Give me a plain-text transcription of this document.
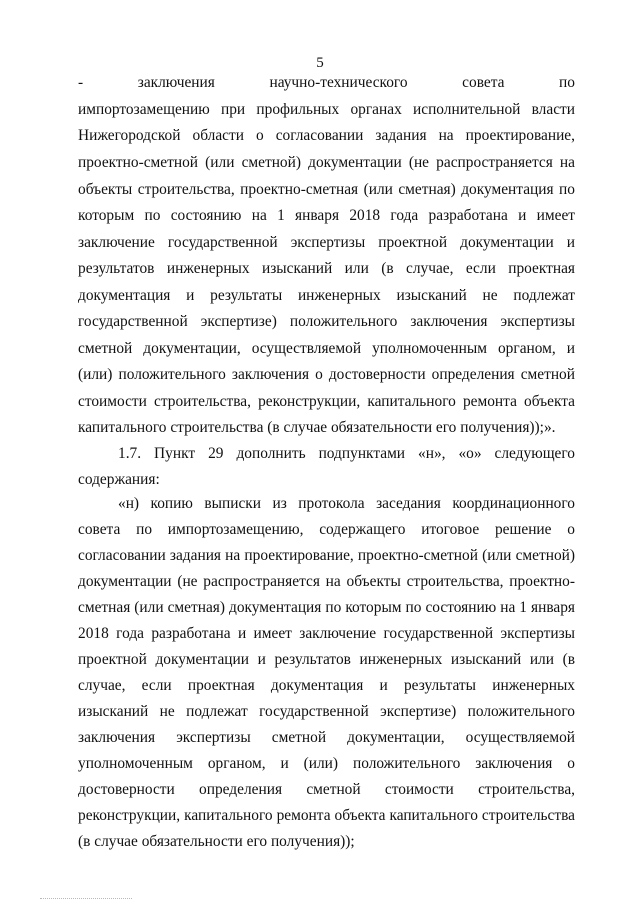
5
- заключения научно-технического совета по
импортозамещению при профильных органах исполнительной власти
Нижегородской области о согласовании задания на проектирование,
проектно-сметной (или сметной) документации (не распространяется на
объекты строительства, проектно-сметная (или сметная) документация по
которым по состоянию на 1 января 2018 года разработана и имеет
заключение государственной экспертизы проектной документации и
результатов инженерных изысканий или (в случае, если проектная
документация и результаты инженерных изысканий не подлежат
государственной экспертизе) положительного заключения экспертизы
сметной документации, осуществляемой уполномоченным органом, и
(или) положительного заключения о достоверности определения сметной
стоимости строительства, реконструкции, капитального ремонта объекта
капитального строительства (в случае обязательности его получения));».
1.7. Пункт 29 дополнить подпунктами «н», «о» следующего
содержания:
«н) копию выписки из протокола заседания координационного
совета по импортозамещению, содержащего итоговое решение о
согласовании задания на проектирование, проектно-сметной (или сметной)
документации (не распространяется на объекты строительства, проектно-
сметная (или сметная) документация по которым по состоянию на 1 января
2018 года разработана и имеет заключение государственной экспертизы
проектной документации и результатов инженерных изысканий или (в
случае, если проектная документация и результаты инженерных
изысканий не подлежат государственной экспертизе) положительного
заключения экспертизы сметной документации, осуществляемой
уполномоченным органом, и (или) положительного заключения о
достоверности определения сметной стоимости строительства,
реконструкции, капитального ремонта объекта капитального строительства
(в случае обязательности его получения));
